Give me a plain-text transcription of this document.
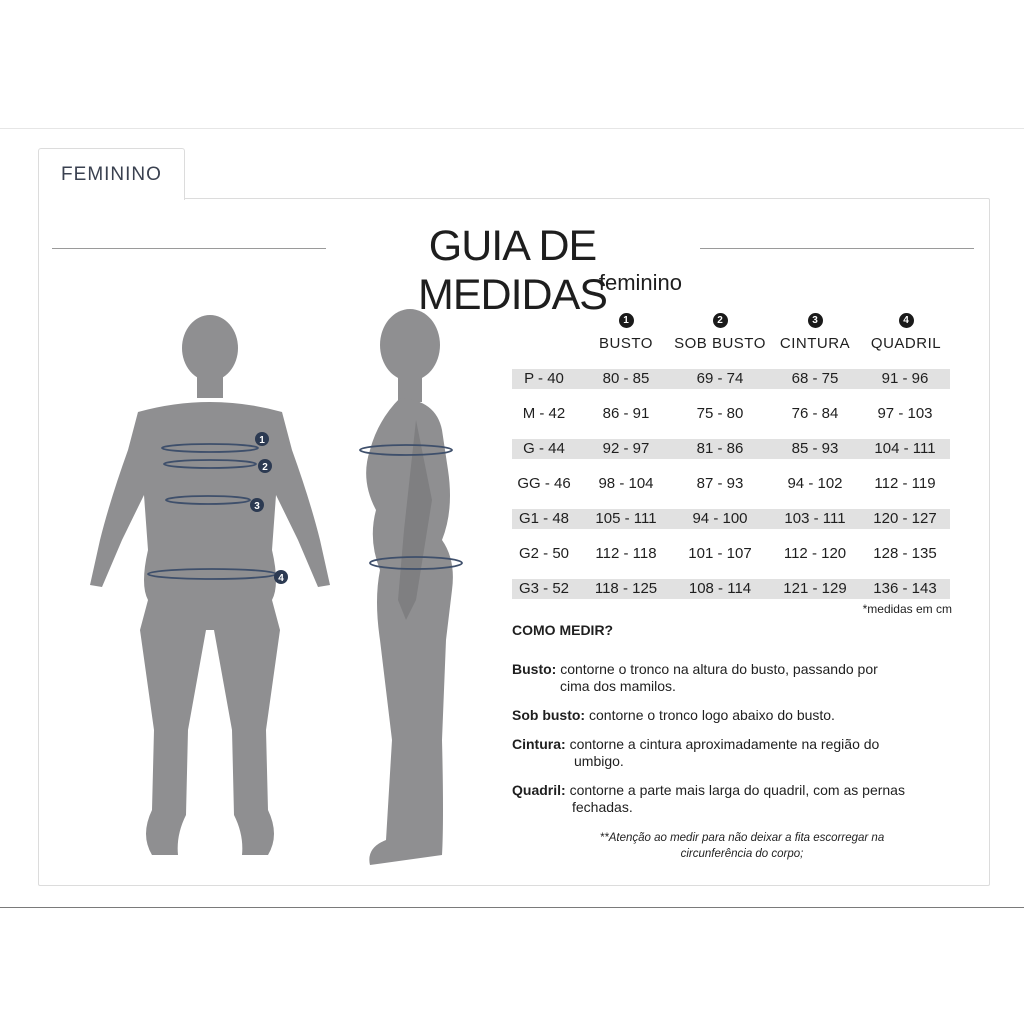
FEMININO
GUIA DE MEDIDAS
feminino
1
2
3
4
1
BUSTO
2
SOB BUSTO
3
CINTURA
4
QUADRIL
P - 40	80 - 85	69 - 74	68 - 75	91 - 96
M - 42	86 - 91	75 - 80	76 - 84	97 - 103
G - 44	92 - 97	81 - 86	85 - 93	104 - 111
GG - 46	98 - 104	87 - 93	94 - 102	112 - 119
G1 - 48	105 - 111	94 - 100	103 - 111	120 - 127
G2 - 50	112 - 118	101 - 107	112 - 120	128 - 135
G3 - 52	118 - 125	108 - 114	121 - 129	136 - 143
*medidas em cm
COMO MEDIR?
Busto: contorne o tronco na altura do busto, passando por
cima dos mamilos.
Sob busto: contorne o tronco logo abaixo do busto.
Cintura: contorne a cintura aproximadamente na região do
umbigo.
Quadril: contorne a parte mais larga do quadril, com as pernas
fechadas.
**Atenção ao medir para não deixar a fita escorregar na
circunferência do corpo;
